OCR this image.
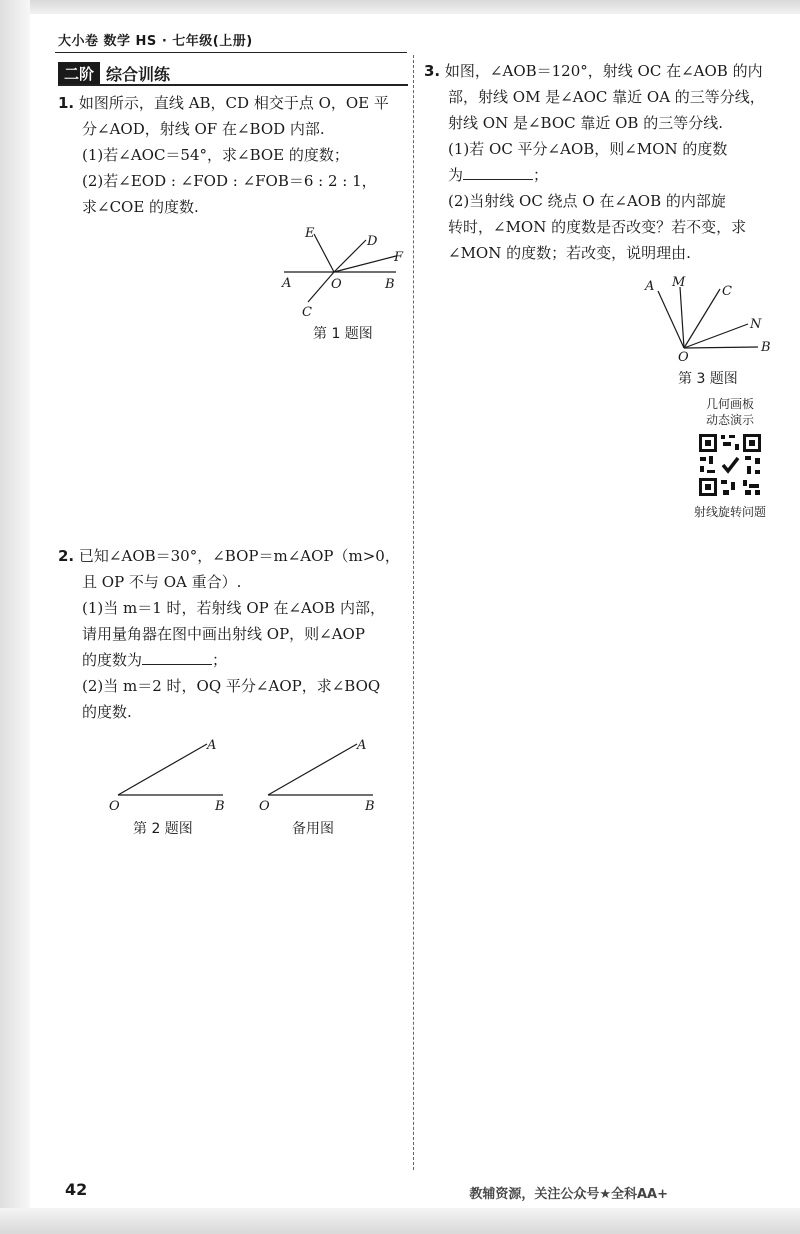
大小卷 数学 HS · 七年级(上册)
二阶 综合训练

1. 如图所示，直线 AB，CD 相交于点 O，OE 平

分∠AOD，射线 OF 在∠BOD 内部.

(1)若∠AOC＝54°，求∠BOE 的度数；

(2)若∠EOD : ∠FOD : ∠FOB＝6 : 2 : 1，

求∠COE 的度数.

E
D
F
A	O	B
C
第 1 题图

2. 已知∠AOB＝30°，∠BOP＝m∠AOP（m>0，

且 OP 不与 OA 重合）.

(1)当 m＝1 时，若射线 OP 在∠AOB 内部，

请用量角器在图中画出射线 OP，则∠AOP

的度数为	；

(2)当 m＝2 时，OQ 平分∠AOP，求∠BOQ

的度数.

A
O	B
第 2 题图
A
O	B
备用图

3. 如图，∠AOB＝120°，射线 OC 在∠AOB 的内

部，射线 OM 是∠AOC 靠近 OA 的三等分线，

射线 ON 是∠BOC 靠近 OB 的三等分线.

(1)若 OC 平分∠AOB，则∠MON 的度数

为	；

(2)当射线 OC 绕点 O 在∠AOB 的内部旋

转时，∠MON 的度数是否改变？若不变，求

∠MON 的度数；若改变，说明理由.

A M
C
N
O
B
第 3 题图
几何画板
动态演示
射线旋转问题
42	教辅资源，关注公众号★全科AA+
